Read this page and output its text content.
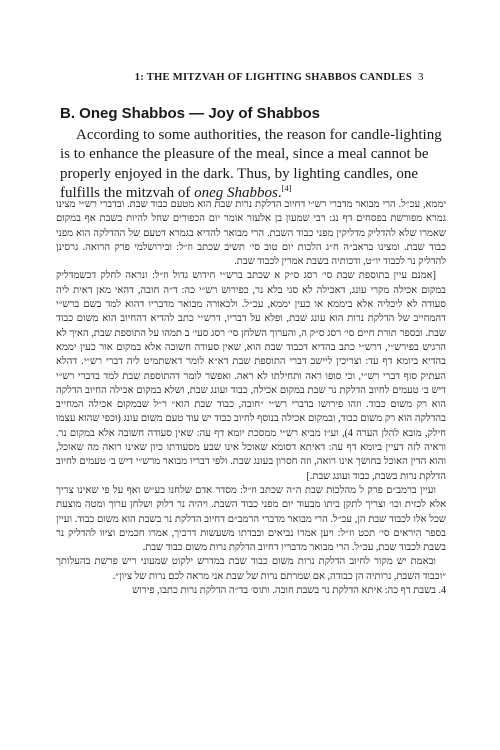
1: THE MITZVAH OF LIGHTING SHABBOS CANDLES 3
B. Oneg Shabbos — Joy of Shabbos

According to some authorities, the reason for candle-lighting is to enhance the pleasure of the meal, since a meal cannot be properly enjoyed in the dark. Thus, by lighting candles, one fulfills the mitzvah of oneg Shabbos.[4]

יממא, עכ״ל. הרי מבואר מדברי רש״י דחיוב הדלקת נרות שבת הוא מטעם כבוד שבת. ובדברי רש״י מצינו גמרא מפורשת בפסחים דף נג: רבי שמעון בן אלעזר אומר יום הכפורים שחל להיות בשבת אף במקום שאמרו שלא להדליק מדליקין מפני כבוד השבת. הרי מבואר להדיא בגמרא דטעם של ההדלקה הוא מפני כבוד שבת. ומצינו בראב״ה ח״ג הלכות יום טוב סי׳ תשיב שכתב וז״ל: ובירושלמי פרק הרואה. גרסינן להדליק נר לכבוד יו״ט, ודכותיה בשבת אמרין לכבוד שבת.

[אמנם עיין בתוספת שבת סי׳ רסג ס״ק א שכתב ברש״י חידוש גדול וז״ל: ונראה לחלק דכשמדליק במקום אכילה מקרי עונג, דאכילה לא סגי בלא נר, כפירוש רש״י כה: ד״ה חובה, דהאי מאן דאית ליה סעודה לא ליכליה אלא ביממא או כעין יממא, עכ״ל. ולכאורה מבואר מדבריו דהוא למד בשם ברש״י דהמחייב של הדלקת נרות הוא עונג שבת, ופלא על דבריו, דרש״י כתב להדיא דהחיוב הוא משום כבוד שבת. ובספר תורת חיים סי׳ רסג ס״ק ה, והערוך השלחן סי׳ רסג סעי׳ ב תמהו על התוספת שבת, האיך לא הרגיש בפירש״י, דרש״י כתב בהדיא דכבוד שבת הוא, שאין סעודה חשובה אלא במקום אור כעין יממא בהדיא ביומא דף עד: וצריכין ליישב דברי התוספת שבת דא״א לומר דאשתמיט ליה דברי רש״י. דהלא העתיק סוף דברי רש״י, וכי סופו ראה ותחילתו לא ראה. ואפשר לומר דהתוספת שבת למד בדברי רש״י דיש ב׳ טעמים לחיוב הדלקת נר שבת במקום אכילה, כבוד ועונג שבת, ושלא במקום אכילה החיוב הדלקה הוא רק משום כבוד. וזהו פירושו בדברי רש״י ״חובה, כבוד שבת הוא״ ר״ל שבמקום אכילה המחייב בהדלקה הוא רק משום כבוד, ובמקום אכילה בנוסף לחיוב כבוד יש עוד טעם משום עונג (וכפי שהוא עצמו חילק, מובא להלן הערה 4), וע״ז מביא רש״י ממסכת יומא דף עה: שאין סעודה חשובה אלא במקום נר. וראיה לזה דעיין ביומא דף עה: דאיתא דסומא שאוכל אינו שבע מסעודתו כיון שאינו רואה מה שאוכל, והוא הדין האוכל בחושך אינו רואה, וזה חסרון בעונג שבת. ולפי דבריו מבואר מרש״י דיש ב׳ טעמים לחיוב הדלקת נרות בשבת, כבוד ועונג שבת.]

ועיין ברמב״ם פרק ל מהלכות שבת ה״ה שכתב וז״ל: מסדר אדם שלחנו בע״ש ואף על פי שאינו צריך אלא לכזית וכו׳ וצריך לתקן ביתו מבעוד יום מפני כבוד השבת. ויהיה נר דלוק ושלחן ערוך ומטה מוצעת שכל אלו לכבוד שבת הן, עכ״ל. הרי מבואר מדברי הרמב״ם דחיוב הדלקת נר בשבת הוא משום כבוד. ועיין בספר היראים סי׳ תכט וז״ל: ויען אמרו נביאים וכבדתו משעשות דרכיך, אמרו חכמים וציוו להדליק נר בשבת לכבוד שבת, עכ״ל. הרי מבואר מדבריו דחיוב הדלקת נרות משום כבוד שבת.

ובאמת יש מקור לחיוב הדלקת נרות משום כבוד שבת במדרש ילקוט שמעוני ריש פרשת בהעלותך ״וכבוד השבת, נרותיה הן כבודה, אם שמרתם נרות של שבת אני מראה לכם נרות של ציון״.

4. בשבת דף כה: איתא הדלקת נר בשבת חובה. ותוס׳ בד״ה הדלקת נרות כתבו, פירוש
